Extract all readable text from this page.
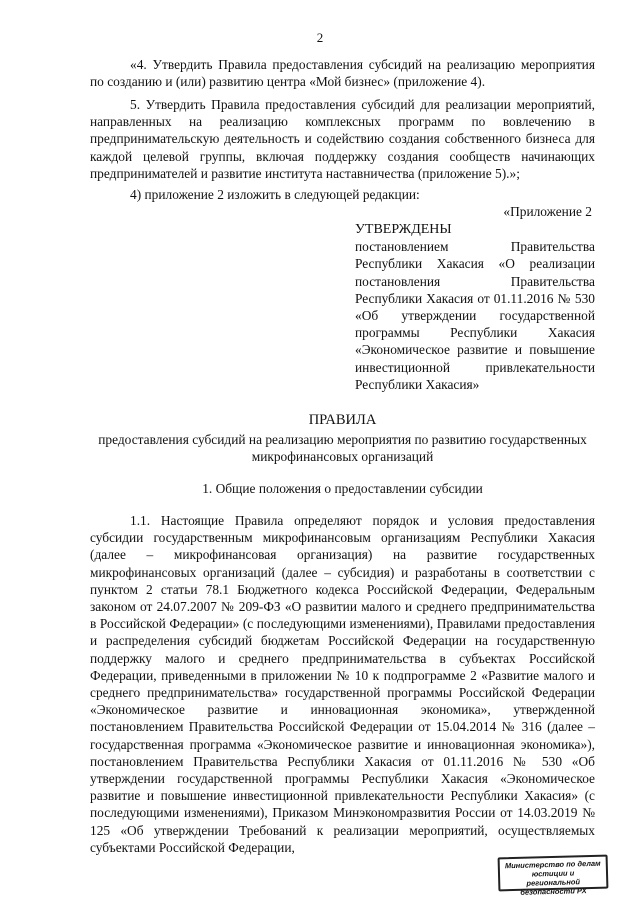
2

«4. Утвердить Правила предоставления субсидий на реализацию мероприятия по созданию и (или) развитию центра «Мой бизнес» (приложение 4).

5. Утвердить Правила предоставления субсидий для реализации мероприятий, направленных на реализацию комплексных программ по вовлечению в предпринимательскую деятельность и содействию создания собственного бизнеса для каждой целевой группы, включая поддержку создания сообществ начинающих предпринимателей и развитие института наставничества (приложение 5).»;

4) приложение 2 изложить в следующей редакции:

«Приложение 2
УТВЕРЖДЕНЫ

постановлением Правительства Республики Хакасия «О реализации постановления Правительства Республики Хакасия от 01.11.2016 № 530 «Об утверждении государственной программы Республики Хакасия «Экономическое развитие и повышение инвестиционной привлекательности Республики Хакасия»

ПРАВИЛА
предоставления субсидий на реализацию мероприятия по развитию государственных микрофинансовых организаций
1. Общие положения о предоставлении субсидии

1.1. Настоящие Правила определяют порядок и условия предоставления субсидии государственным микрофинансовым организациям Республики Хакасия (далее – микрофинансовая организация) на развитие государственных микрофинансовых организаций (далее – субсидия) и разработаны в соответствии с пунктом 2 статьи 78.1 Бюджетного кодекса Российской Федерации, Федеральным законом от 24.07.2007 № 209-ФЗ «О развитии малого и среднего предпринимательства в Российской Федерации» (с последующими изменениями), Правилами предоставления и распределения субсидий бюджетам Российской Федерации на государственную поддержку малого и среднего предпринимательства в субъектах Российской Федерации, приведенными в приложении № 10 к подпрограмме 2 «Развитие малого и среднего предпринимательства» государственной программы Российской Федерации «Экономическое развитие и инновационная экономика», утвержденной постановлением Правительства Российской Федерации от 15.04.2014 № 316 (далее – государственная программа «Экономическое развитие и инновационная экономика»), постановлением Правительства Республики Хакасия от 01.11.2016 № 530 «Об утверждении государственной программы Республики Хакасия «Экономическое развитие и повышение инвестиционной привлекательности Республики Хакасия» (с последующими изменениями), Приказом Минэкономразвития России от 14.03.2019 № 125 «Об утверждении Требований к реализации мероприятий, осуществляемых субъектами Российской Федерации,

Министерство по делам
юстиции и региональной
безопасности РХ
